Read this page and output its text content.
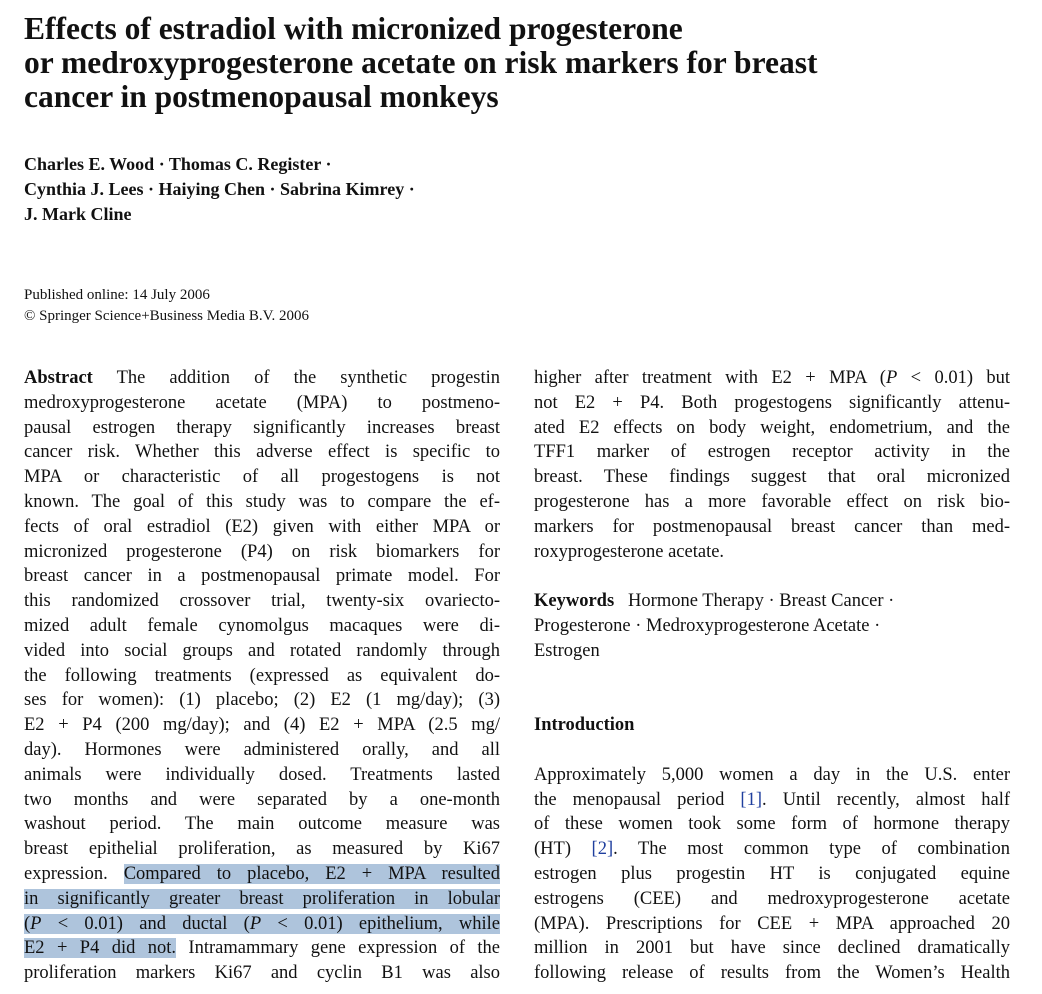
Effects of estradiol with micronized progesterone
or medroxyprogesterone acetate on risk markers for breast
cancer in postmenopausal monkeys
Charles E. Wood · Thomas C. Register ·
Cynthia J. Lees · Haiying Chen · Sabrina Kimrey ·
J. Mark Cline
Published online: 14 July 2006
© Springer Science+Business Media B.V. 2006
Abstract The addition of the synthetic progestin
medroxyprogesterone acetate (MPA) to postmeno-
pausal estrogen therapy significantly increases breast
cancer risk. Whether this adverse effect is specific to
MPA or characteristic of all progestogens is not
known. The goal of this study was to compare the ef-
fects of oral estradiol (E2) given with either MPA or
micronized progesterone (P4) on risk biomarkers for
breast cancer in a postmenopausal primate model. For
this randomized crossover trial, twenty-six ovariecto-
mized adult female cynomolgus macaques were di-
vided into social groups and rotated randomly through
the following treatments (expressed as equivalent do-
ses for women): (1) placebo; (2) E2 (1 mg/day); (3)
E2 + P4 (200 mg/day); and (4) E2 + MPA (2.5 mg/
day). Hormones were administered orally, and all
animals were individually dosed. Treatments lasted
two months and were separated by a one-month
washout period. The main outcome measure was
breast epithelial proliferation, as measured by Ki67
expression. Compared to placebo, E2 + MPA resulted
in significantly greater breast proliferation in lobular
(P < 0.01) and ductal (P < 0.01) epithelium, while
E2 + P4 did not. Intramammary gene expression of the
proliferation markers Ki67 and cyclin B1 was also
higher after treatment with E2 + MPA (P < 0.01) but
not E2 + P4. Both progestogens significantly attenu-
ated E2 effects on body weight, endometrium, and the
TFF1 marker of estrogen receptor activity in the
breast. These findings suggest that oral micronized
progesterone has a more favorable effect on risk bio-
markers for postmenopausal breast cancer than med-
roxyprogesterone acetate.
Keywords Hormone Therapy · Breast Cancer ·
Progesterone · Medroxyprogesterone Acetate ·
Estrogen
Introduction
Approximately 5,000 women a day in the U.S. enter
the menopausal period [1]. Until recently, almost half
of these women took some form of hormone therapy
(HT) [2]. The most common type of combination
estrogen plus progestin HT is conjugated equine
estrogens (CEE) and medroxyprogesterone acetate
(MPA). Prescriptions for CEE + MPA approached 20
million in 2001 but have since declined dramatically
following release of results from the Women’s Health
